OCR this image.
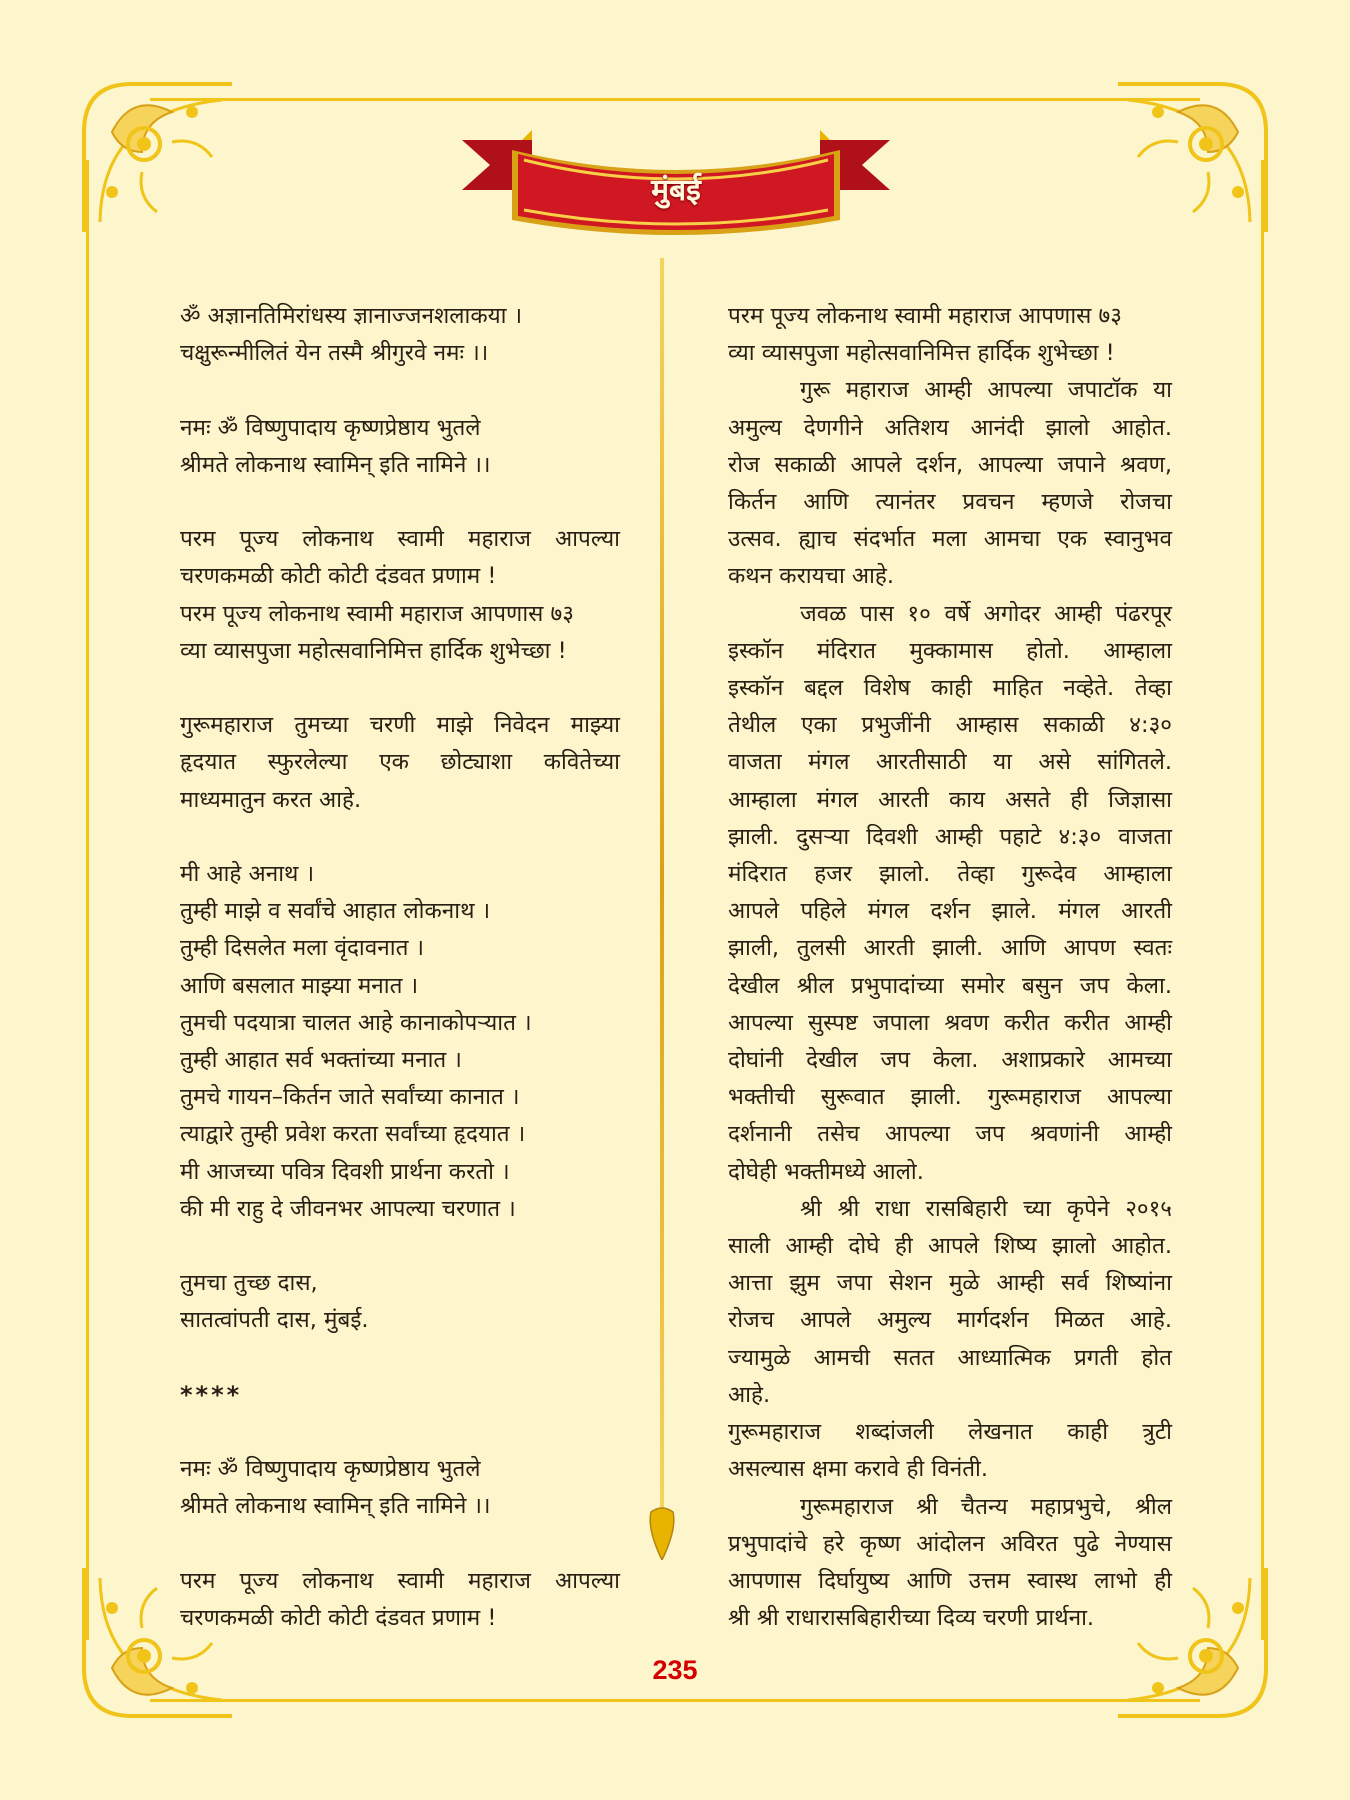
मुंबई

ॐ अज्ञानतिमिरांधस्य ज्ञानाज्जनशलाकया ।

चक्षुरून्मीलितं येन तस्मै श्रीगुरवे नमः ।।

नमः ॐ विष्णुपादाय कृष्णप्रेष्ठाय भुतले

श्रीमते लोकनाथ स्वामिन् इति नामिने ।।

परम पूज्य लोकनाथ स्वामी महाराज आपल्या

चरणकमळी कोटी कोटी दंडवत प्रणाम !

परम पूज्य लोकनाथ स्वामी महाराज आपणास ७३

व्या व्यासपुजा महोत्सवानिमित्त हार्दिक शुभेच्छा !

गुरूमहाराज तुमच्या चरणी माझे निवेदन माझ्या

हृदयात स्फुरलेल्या एक छोट्याशा कवितेच्या

माध्यमातुन करत आहे.

मी आहे अनाथ ।

तुम्ही माझे व सर्वांचे आहात लोकनाथ ।

तुम्ही दिसलेत मला वृंदावनात ।

आणि बसलात माझ्या मनात ।

तुमची पदयात्रा चालत आहे कानाकोपऱ्यात ।

तुम्ही आहात सर्व भक्तांच्या मनात ।

तुमचे गायन–किर्तन जाते सर्वांच्या कानात ।

त्याद्वारे तुम्ही प्रवेश करता सर्वांच्या हृदयात ।

मी आजच्या पवित्र दिवशी प्रार्थना करतो ।

की मी राहु दे जीवनभर आपल्या चरणात ।

तुमचा तुच्छ दास,

सातत्वांपती दास, मुंबई.

****

नमः ॐ विष्णुपादाय कृष्णप्रेष्ठाय भुतले

श्रीमते लोकनाथ स्वामिन् इति नामिने ।।

परम पूज्य लोकनाथ स्वामी महाराज आपल्या

चरणकमळी कोटी कोटी दंडवत प्रणाम !

परम पूज्य लोकनाथ स्वामी महाराज आपणास ७३

व्या व्यासपुजा महोत्सवानिमित्त हार्दिक शुभेच्छा !

गुरू महाराज आम्ही आपल्या जपाटॉक या

अमुल्य देणगीने अतिशय आनंदी झालो आहोत.

रोज सकाळी आपले दर्शन, आपल्या जपाने श्रवण,

किर्तन आणि त्यानंतर प्रवचन म्हणजे रोजचा

उत्सव. ह्याच संदर्भात मला आमचा एक स्वानुभव

कथन करायचा आहे.

जवळ पास १० वर्षे अगोदर आम्ही पंढरपूर

इस्कॉन मंदिरात मुक्कामास होतो. आम्हाला

इस्कॉन बद्दल विशेष काही माहित नव्हेते. तेव्हा

तेथील एका प्रभुजींनी आम्हास सकाळी ४:३०

वाजता मंगल आरतीसाठी या असे सांगितले.

आम्हाला मंगल आरती काय असते ही जिज्ञासा

झाली. दुसऱ्या दिवशी आम्ही पहाटे ४:३० वाजता

मंदिरात हजर झालो. तेव्हा गुरूदेव आम्हाला

आपले पहिले मंगल दर्शन झाले. मंगल आरती

झाली, तुलसी आरती झाली. आणि आपण स्वतः

देखील श्रील प्रभुपादांच्या समोर बसुन जप केला.

आपल्या सुस्पष्ट जपाला श्रवण करीत करीत आम्ही

दोघांनी देखील जप केला. अशाप्रकारे आमच्या

भक्तीची सुरूवात झाली. गुरूमहाराज आपल्या

दर्शनानी तसेच आपल्या जप श्रवणांनी आम्ही

दोघेही भक्तीमध्ये आलो.

श्री श्री राधा रासबिहारी च्या कृपेने २०१५

साली आम्ही दोघे ही आपले शिष्य झालो आहोत.

आत्ता झुम जपा सेशन मुळे आम्ही सर्व शिष्यांना

रोजच आपले अमुल्य मार्गदर्शन मिळत आहे.

ज्यामुळे आमची सतत आध्यात्मिक प्रगती होत

आहे.

गुरूमहाराज शब्दांजली लेखनात काही त्रुटी

असल्यास क्षमा करावे ही विनंती.

गुरूमहाराज श्री चैतन्य महाप्रभुचे, श्रील

प्रभुपादांचे हरे कृष्ण आंदोलन अविरत पुढे नेण्यास

आपणास दिर्घायुष्य आणि उत्तम स्वास्थ लाभो ही

श्री श्री राधारासबिहारीच्या दिव्य चरणी प्रार्थना.

235
